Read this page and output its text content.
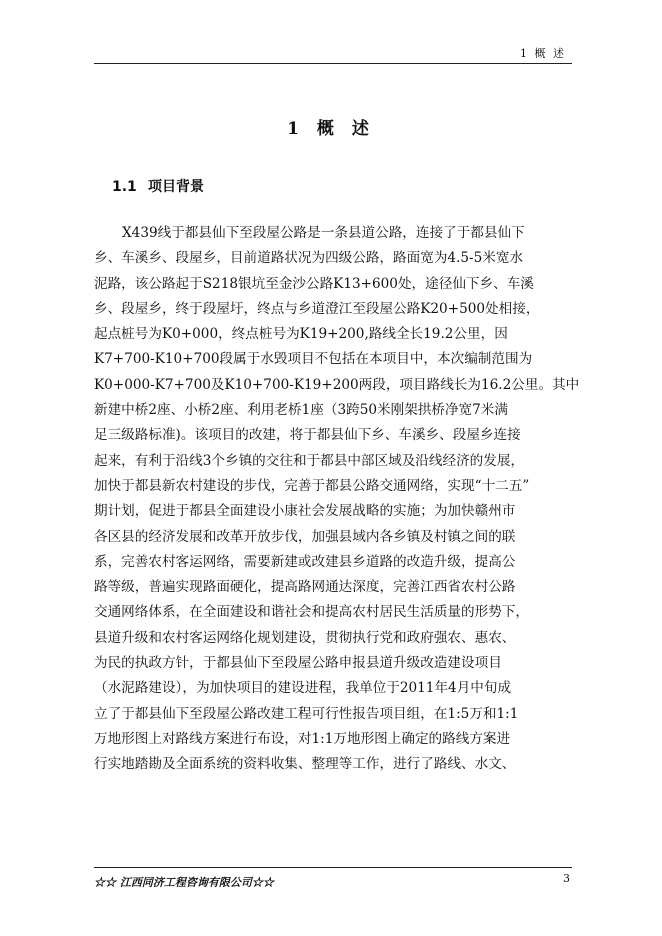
1 概 述
1 概 述
1.1 项目背景
X439线于都县仙下至段屋公路是一条县道公路，连接了于都县仙下
乡、车溪乡、段屋乡，目前道路状况为四级公路，路面宽为4.5-5米宽水
泥路，该公路起于S218银坑至金沙公路K13+600处，途径仙下乡、车溪
乡、段屋乡，终于段屋圩，终点与乡道澄江至段屋公路K20+500处相接，
起点桩号为K0+000，终点桩号为K19+200,路线全长19.2公里，因
K7+700-K10+700段属于水毁项目不包括在本项目中，本次编制范围为
K0+000-K7+700及K10+700-K19+200两段，项目路线长为16.2公里。其中
新建中桥2座、小桥2座、利用老桥1座（3跨50米刚架拱桥净宽7米满
足三级路标准)。该项目的改建，将于都县仙下乡、车溪乡、段屋乡连接
起来，有利于沿线3个乡镇的交往和于都县中部区域及沿线经济的发展，
加快于都县新农村建设的步伐，完善于都县公路交通网络，实现“十二五”
期计划，促进于都县全面建设小康社会发展战略的实施；为加快赣州市
各区县的经济发展和改革开放步伐，加强县域内各乡镇及村镇之间的联
系，完善农村客运网络，需要新建或改建县乡道路的改造升级，提高公
路等级，普遍实现路面硬化，提高路网通达深度，完善江西省农村公路
交通网络体系，在全面建设和谐社会和提高农村居民生活质量的形势下，
县道升级和农村客运网络化规划建设，贯彻执行党和政府强农、惠农、
为民的执政方针，于都县仙下至段屋公路申报县道升级改造建设项目
（水泥路建设），为加快项目的建设进程，我单位于2011年4月中旬成
立了于都县仙下至段屋公路改建工程可行性报告项目组，在1:5万和1:1
万地形图上对路线方案进行布设，对1:1万地形图上确定的路线方案进
行实地踏勘及全面系统的资料收集、整理等工作，进行了路线、水文、
☆☆ 江西同济工程咨询有限公司☆☆	3
